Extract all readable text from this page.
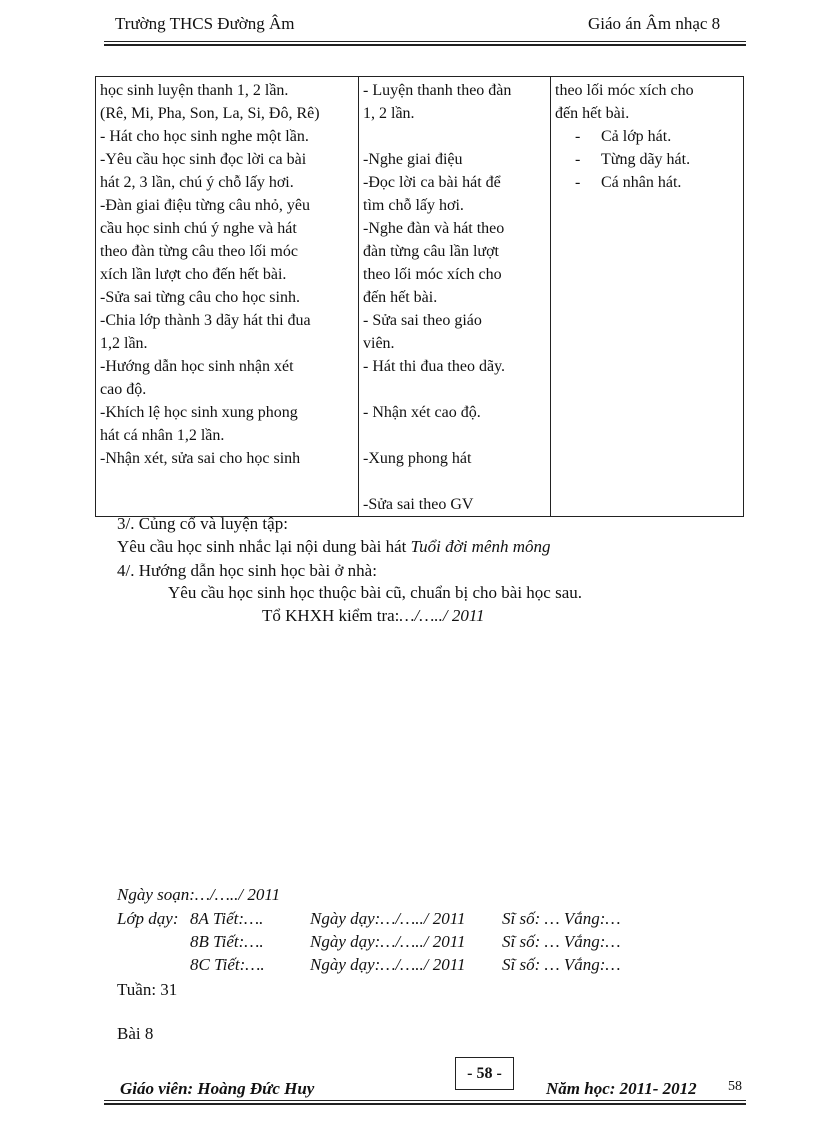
Trường THCS Đường Âm	Giáo án Âm nhạc 8
học sinh luyện thanh 1, 2 lần.
(Rê, Mi, Pha, Son, La, Si, Đô, Rê)
- Hát cho học sinh nghe một lần.
-Yêu cầu học sinh đọc lời ca bài
hát 2, 3 lần, chú ý chỗ lấy hơi.
-Đàn giai điệu từng câu nhỏ, yêu
cầu học sinh chú ý nghe và hát
theo đàn từng câu theo lối móc
xích lần lượt cho đến hết bài.
-Sửa sai từng câu cho học sinh.
-Chia lớp thành 3 dãy hát thi đua
1,2 lần.
-Hướng dẫn học sinh nhận xét
cao độ.
-Khích lệ học sinh xung phong
hát cá nhân 1,2 lần.
-Nhận xét, sửa sai cho học sinh

- Luyện thanh theo đàn
1, 2 lần.
-Nghe giai điệu
-Đọc lời ca bài hát để
tìm chỗ lấy hơi.
-Nghe đàn và hát theo
đàn từng câu lần lượt
theo lối móc xích cho
đến hết bài.
- Sửa sai theo giáo
viên.
- Hát thi đua theo dãy.
- Nhận xét cao độ.
-Xung phong hát
-Sửa sai theo GV

theo lối móc xích cho
đến hết bài.
- Cả lớp hát.
- Từng dãy hát.
- Cá nhân hát.
3/. Củng cố và luyện tập:
Yêu cầu học sinh nhắc lại nội dung bài hát Tuổi đời mênh mông
4/. Hướng dẫn học sinh học bài ở nhà:
Yêu cầu học sinh học thuộc bài cũ, chuẩn bị cho bài học sau.
Tổ KHXH kiểm tra:…/…../ 2011
Ngày soạn:…/…../ 2011
Lớp dạy: 8A Tiết:….	Ngày dạy:…/…../ 2011 Sĩ số: … Vắng:…
8B Tiết:….	Ngày dạy:…/…../ 2011 Sĩ số: … Vắng:…
8C Tiết:….	Ngày dạy:…/…../ 2011 Sĩ số: … Vắng:…
Tuần: 31
Bài 8
- 58 -
Giáo viên: Hoàng Đức Huy	Năm học: 2011- 2012 58
